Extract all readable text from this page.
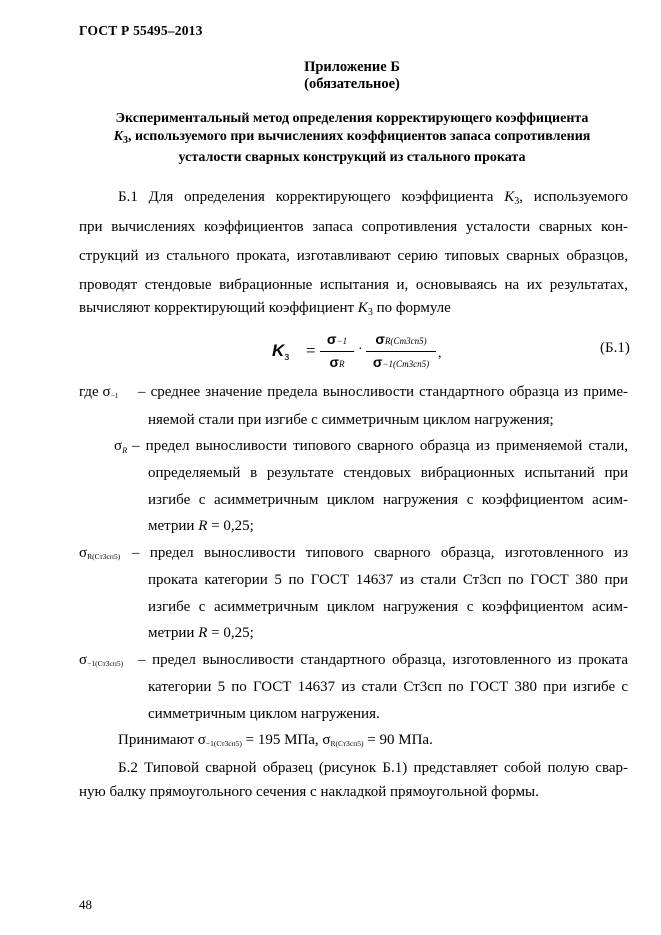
ГОСТ Р 55495–2013
Приложение Б
(обязательное)
Экспериментальный метод определения корректирующего коэффициента
$K_3$, используемого при вычислениях коэффициентов запаса сопротивления
усталости сварных конструкций из стального проката
Б.1 Для определения корректирующего коэффициента $K_3$, используемого
при вычислениях коэффициентов запаса сопротивления усталости сварных кон-
струкций из стального проката, изготавливают серию типовых сварных образцов,
проводят стендовые вибрационные испытания и, основываясь на их результатах,
вычисляют корректирующий коэффициент $K_3$ по формуле
$K_з = \frac{\sigma-1}{\sigma R}$ ·
σR(Ст3сп5)
σ−1(Ст3сп5)
,	(Б.1)
где σ−1 – среднее значение предела выносливости стандартного образца из приме-
няемой стали при изгибе с симметричным циклом нагружения;
$\sigma_R$ – предел выносливости типового сварного образца из применяемой стали,
определяемый в результате стендовых вибрационных испытаний при
изгибе с асимметричным циклом нагружения с коэффициентом асим-
метрии R = 0,25;
σR(Ст3сп5) – предел выносливости типового сварного образца, изготовленного из
проката категории 5 по ГОСТ 14637 из стали Ст3сп по ГОСТ 380 при
изгибе с асимметричным циклом нагружения с коэффициентом асим-
метрии R = 0,25;
σ−1(Ст3сп5) – предел выносливости стандартного образца, изготовленного из проката
категории 5 по ГОСТ 14637 из стали Ст3сп по ГОСТ 380 при изгибе с
симметричным циклом нагружения.
Принимают σ−1(Ст3сп5) = 195 МПа, σR(Ст3сп5) = 90 МПа.
Б.2 Типовой сварной образец (рисунок Б.1) представляет собой полую свар-
ную балку прямоугольного сечения с накладкой прямоугольной формы.
48
